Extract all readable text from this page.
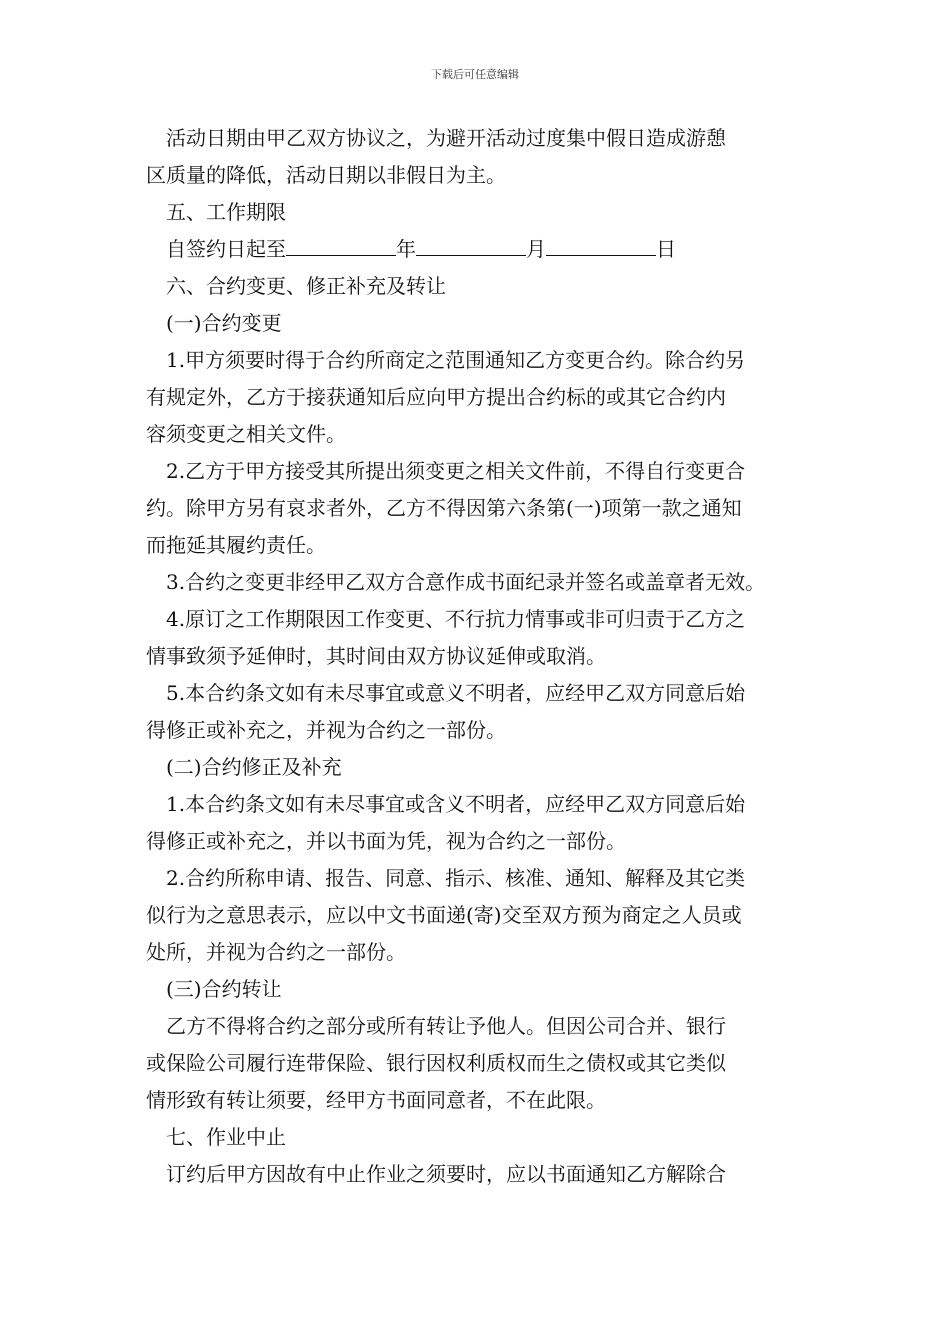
下载后可任意编辑

活动日期由甲乙双方协议之，为避开活动过度集中假日造成游憩

区质量的降低，活动日期以非假日为主。

五、工作期限

自签约日起至	年	月	日

六、合约变更、修正补充及转让

(一)合约变更

1.甲方须要时得于合约所商定之范围通知乙方变更合约。除合约另

有规定外，乙方于接获通知后应向甲方提出合约标的或其它合约内

容须变更之相关文件。

2.乙方于甲方接受其所提出须变更之相关文件前，不得自行变更合

约。除甲方另有哀求者外，乙方不得因第六条第(一)项第一款之通知

而拖延其履约责任。

3.合约之变更非经甲乙双方合意作成书面纪录并签名或盖章者无效。

4.原订之工作期限因工作变更、不行抗力情事或非可归责于乙方之

情事致须予延伸时，其时间由双方协议延伸或取消。

5.本合约条文如有未尽事宜或意义不明者，应经甲乙双方同意后始

得修正或补充之，并视为合约之一部份。

(二)合约修正及补充

1.本合约条文如有未尽事宜或含义不明者，应经甲乙双方同意后始

得修正或补充之，并以书面为凭，视为合约之一部份。

2.合约所称申请、报告、同意、指示、核准、通知、解释及其它类

似行为之意思表示，应以中文书面递(寄)交至双方预为商定之人员或

处所，并视为合约之一部份。

(三)合约转让

乙方不得将合约之部分或所有转让予他人。但因公司合并、银行

或保险公司履行连带保险、银行因权利质权而生之债权或其它类似

情形致有转让须要，经甲方书面同意者，不在此限。

七、作业中止

订约后甲方因故有中止作业之须要时，应以书面通知乙方解除合
